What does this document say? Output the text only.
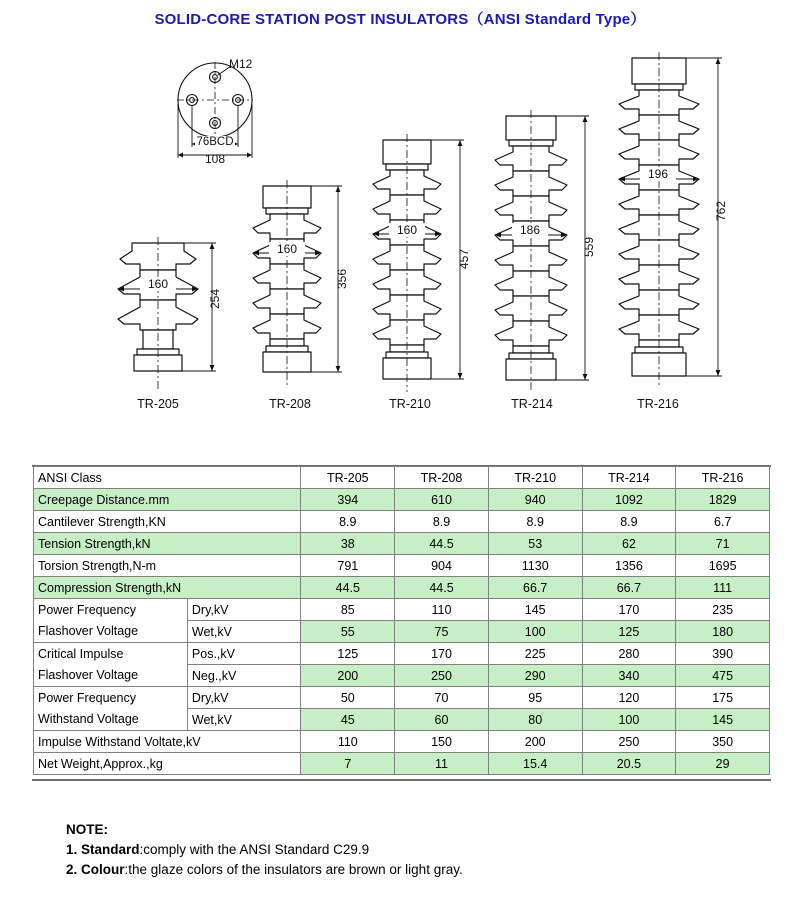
SOLID-CORE STATION POST INSULATORS（ANSI Standard Type）
M12
76BCD
108
160
254
TR-205
160
356
TR-208
160
457
TR-210
186
559
TR-214
196
762
TR-216
ANSI Class		TR-205	TR-208	TR-210	TR-214	TR-216
Creepage Distance.mm		394	610	940	1092	1829
Cantilever Strength,KN		8.9	8.9	8.9	8.9	6.7
Tension Strength,kN		38	44.5	53	62	71
Torsion Strength,N-m		791	904	1130	1356	1695
Compression Strength,kN		44.5	44.5	66.7	66.7	111
Power Frequency	Dry,kV	85	110	145	170	235
Flashover Voltage	Wet,kV	55	75	100	125	180
Critical Impulse	Pos.,kV	125	170	225	280	390
Flashover Voltage	Neg.,kV	200	250	290	340	475
Power Frequency	Dry,kV	50	70	95	120	175
Withstand Voltage	Wet,kV	45	60	80	100	145
Impulse Withstand Voltate,kV		110	150	200	250	350
Net Weight,Approx.,kg		7	11	15.4	20.5	29
NOTE:
1. Standard:comply with the ANSI Standard C29.9
2. Colour:the glaze colors of the insulators are brown or light gray.
